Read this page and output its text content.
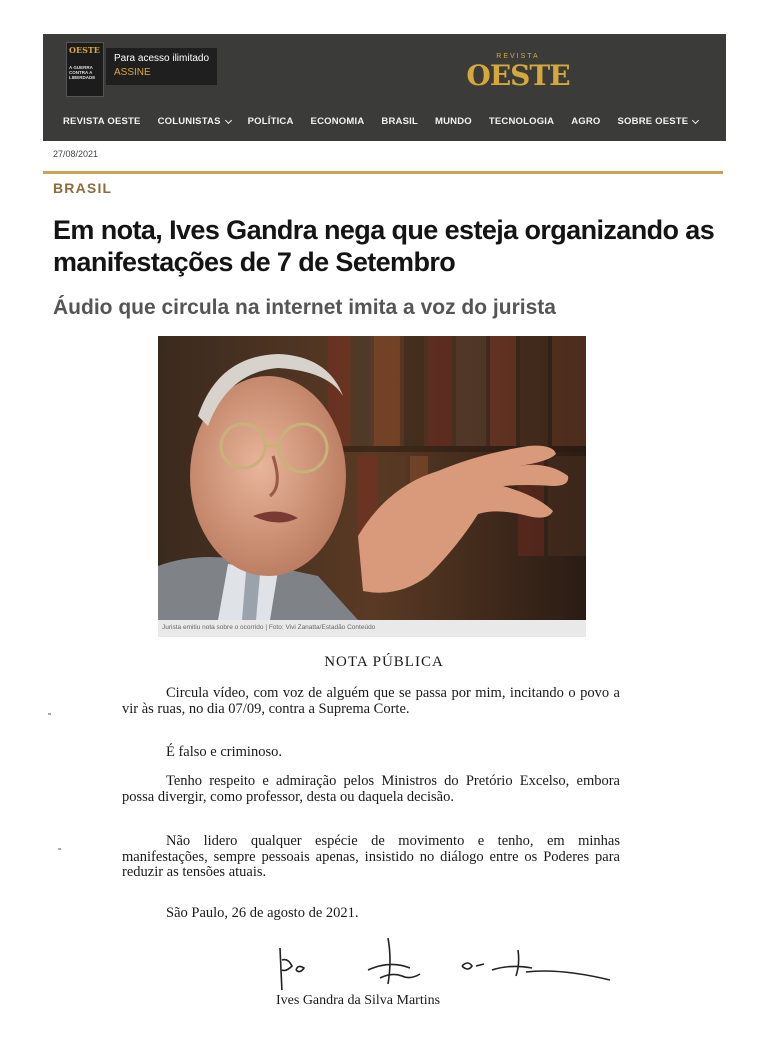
OESTE
A GUERRA CONTRA A LIBERDADE
Para acesso ilimitado
ASSINE
REVISTA
OESTE
REVISTA OESTE COLUNISTAS	POLÍTICA ECONOMIA BRASIL MUNDO TECNOLOGIA AGRO SOBRE OESTE
27/08/2021
BRASIL
Em nota, Ives Gandra nega que esteja organizando as manifestações de 7 de Setembro
Áudio que circula na internet imita a voz do jurista
Jurista emitiu nota sobre o ocorrido | Foto: Vivi Zanatta/Estadão Conteúdo
NOTA PÚBLICA

Circula vídeo, com voz de alguém que se passa por mim, incitando o povo a vir às ruas, no dia 07/09, contra a Suprema Corte.

É falso e criminoso.

Tenho respeito e admiração pelos Ministros do Pretório Excelso, embora possa divergir, como professor, desta ou daquela decisão.

Não lidero qualquer espécie de movimento e tenho, em minhas manifestações, sempre pessoais apenas, insistido no diálogo entre os Poderes para reduzir as tensões atuais.

São Paulo, 26 de agosto de 2021.

Ives Gandra da Silva Martins
